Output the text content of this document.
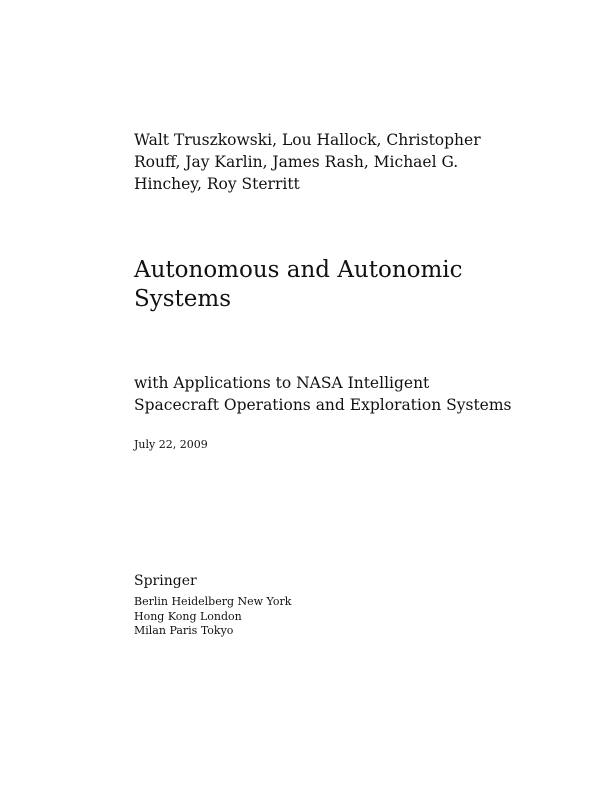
Walt Truszkowski, Lou Hallock, Christopher
Rouff, Jay Karlin, James Rash, Michael G.
Hinchey, Roy Sterritt
Autonomous and Autonomic
Systems
with Applications to NASA Intelligent
Spacecraft Operations and Exploration Systems
July 22, 2009
Springer
Berlin Heidelberg New York
Hong Kong London
Milan Paris Tokyo
